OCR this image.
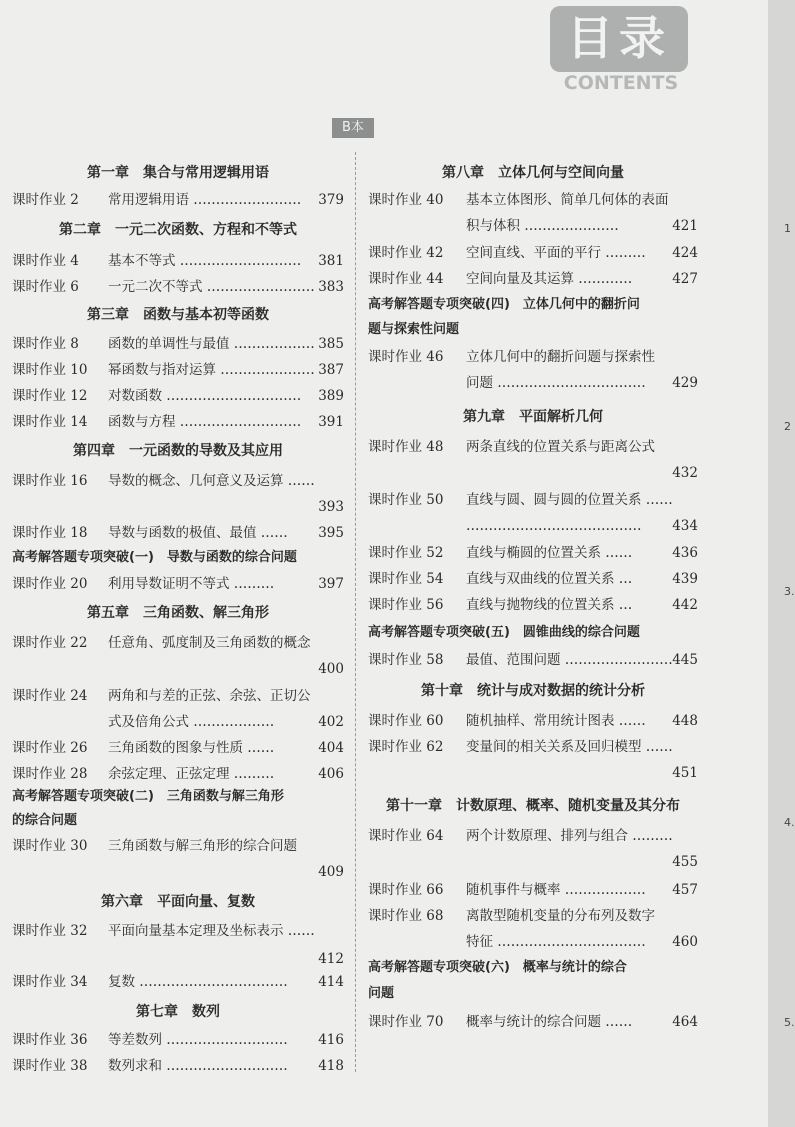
1
2
3.
4.
5.
目录
CONTENTS
B本
第一章　集合与常用逻辑用语
课时作业 2 常用逻辑用语 …………………… 379
第二章　一元二次函数、方程和不等式
课时作业 4 基本不等式 ……………………… 381
课时作业 6 一元二次不等式 …………………… 383
第三章　函数与基本初等函数
课时作业 8 函数的单调性与最值 ……………… 385
课时作业 10 幂函数与指对运算 ………………… 387
课时作业 12 对数函数 ………………………… 389
课时作业 14 函数与方程 ……………………… 391
第四章　一元函数的导数及其应用
课时作业 16 导数的概念、几何意义及运算 ……
393
课时作业 18 导数与函数的极值、最值 …… 395
高考解答题专项突破(一)　导数与函数的综合问题
课时作业 20 利用导数证明不等式 ………	397
第五章　三角函数、解三角形
课时作业 22 任意角、弧度制及三角函数的概念
400
课时作业 24 两角和与差的正弦、余弦、正切公
式及倍角公式 ………………	402
课时作业 26 三角函数的图象与性质 ……	404
课时作业 28 余弦定理、正弦定理 ………	406
高考解答题专项突破(二)　三角函数与解三角形
的综合问题
课时作业 30 三角函数与解三角形的综合问题
409
第六章　平面向量、复数
课时作业 32 平面向量基本定理及坐标表示 ……
412
课时作业 34 复数 …………………………… 414
第七章　数列
课时作业 36 等差数列 ……………………… 416
课时作业 38 数列求和 ……………………… 418
第八章　立体几何与空间向量
课时作业 40 基本立体图形、简单几何体的表面
积与体积 …………………	421
课时作业 42 空间直线、平面的平行 ……… 424
课时作业 44 空间向量及其运算 …………	427
高考解答题专项突破(四)　立体几何中的翻折问
题与探索性问题
课时作业 46 立体几何中的翻折问题与探索性
问题 …………………………… 429
第九章　平面解析几何
课时作业 48 两条直线的位置关系与距离公式
432
课时作业 50 直线与圆、圆与圆的位置关系 ……
………………………………… 434
课时作业 52 直线与椭圆的位置关系 ……	436
课时作业 54 直线与双曲线的位置关系 …	439
课时作业 56 直线与抛物线的位置关系 …	442
高考解答题专项突破(五)　圆锥曲线的综合问题
课时作业 58 最值、范围问题 …………………… 445
第十章　统计与成对数据的统计分析
课时作业 60 随机抽样、常用统计图表 …… 448
课时作业 62 变量间的相关关系及回归模型 ……
451
第十一章　计数原理、概率、随机变量及其分布
课时作业 64 两个计数原理、排列与组合 ………
455
课时作业 66 随机事件与概率 ……………… 457
课时作业 68 离散型随机变量的分布列及数字
特征 …………………………… 460
高考解答题专项突破(六)　概率与统计的综合
问题
课时作业 70 概率与统计的综合问题 ……	464
